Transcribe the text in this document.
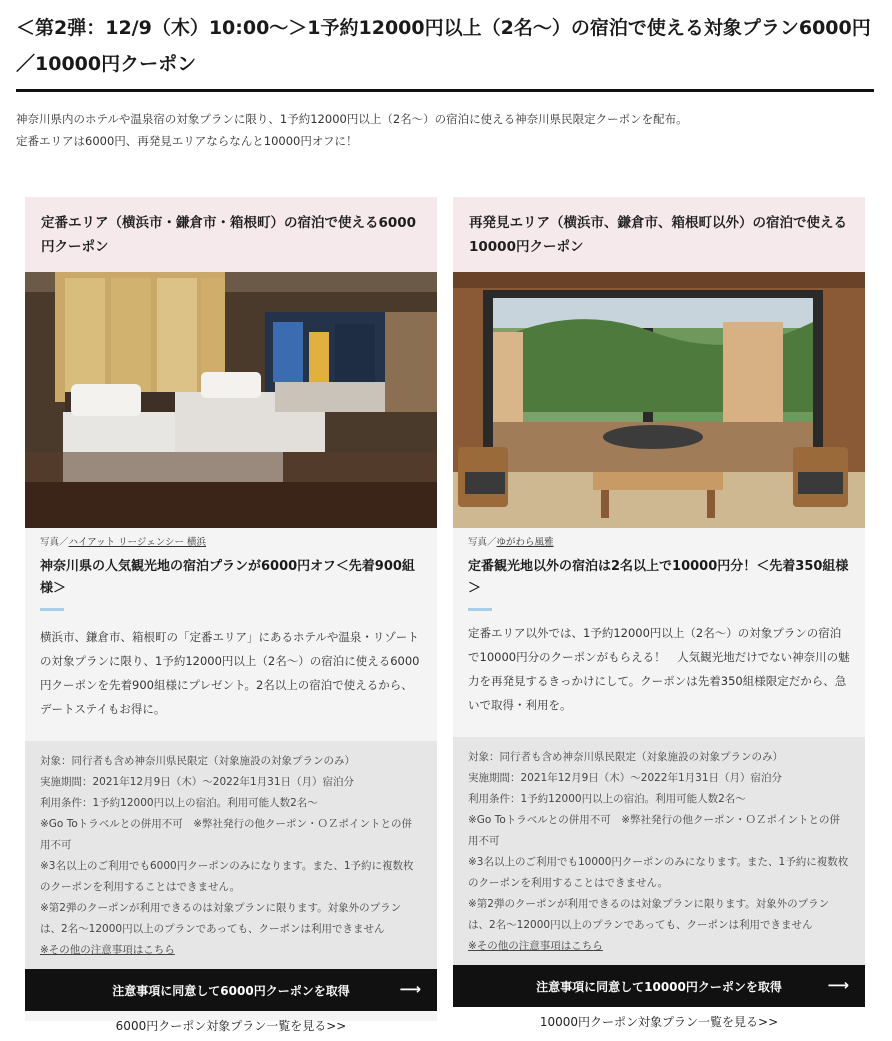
＜第2弾：12/9（木）10:00～＞1予約12000円以上（2名～）の宿泊で使える対象プラン6000円／10000円クーポン

神奈川県内のホテルや温泉宿の対象プランに限り、1予約12000円以上（2名～）の宿泊に使える神奈川県民限定クーポンを配布。定番エリアは6000円、再発見エリアならなんと10000円オフに！

定番エリア（横浜市・鎌倉市・箱根町）の宿泊で使える6000円クーポン
写真／ハイアット リージェンシー 横浜
神奈川県の人気観光地の宿泊プランが6000円オフ＜先着900組様＞

横浜市、鎌倉市、箱根町の「定番エリア」にあるホテルや温泉・リゾートの対象プランに限り、1予約12000円以上（2名～）の宿泊に使える6000円クーポンを先着900組様にプレゼント。2名以上の宿泊で使えるから、デートステイもお得に。

対象：同行者も含め神奈川県民限定（対象施設の対象プランのみ）
実施期間：2021年12月9日（木）～2022年1月31日（月）宿泊分
利用条件：1予約12000円以上の宿泊。利用可能人数2名～
※Go Toトラベルとの併用不可　※弊社発行の他クーポン・ＯＺポイントとの併用不可
※3名以上のご利用でも6000円クーポンのみになります。また、1予約に複数枚のクーポンを利用することはできません。
※第2弾のクーポンが利用できるのは対象プランに限ります。対象外のプランは、2名～12000円以上のプランであっても、クーポンは利用できません
※その他の注意事項はこちら
注意事項に同意して6000円クーポンを取得	⟶
6000円クーポン対象プラン一覧を見る>>
再発見エリア（横浜市、鎌倉市、箱根町以外）の宿泊で使える10000円クーポン
写真／ゆがわら風雅
定番観光地以外の宿泊は2名以上で10000円分！＜先着350組様＞

定番エリア以外では、1予約12000円以上（2名～）の対象プランの宿泊で10000円分のクーポンがもらえる！　人気観光地だけでない神奈川の魅力を再発見するきっかけにして。クーポンは先着350組様限定だから、急いで取得・利用を。

対象：同行者も含め神奈川県民限定（対象施設の対象プランのみ）
実施期間：2021年12月9日（木）～2022年1月31日（月）宿泊分
利用条件：1予約12000円以上の宿泊。利用可能人数2名～
※Go Toトラベルとの併用不可　※弊社発行の他クーポン・ＯＺポイントとの併用不可
※3名以上のご利用でも10000円クーポンのみになります。また、1予約に複数枚のクーポンを利用することはできません。
※第2弾のクーポンが利用できるのは対象プランに限ります。対象外のプランは、2名～12000円以上のプランであっても、クーポンは利用できません
※その他の注意事項はこちら
注意事項に同意して10000円クーポンを取得	⟶
10000円クーポン対象プラン一覧を見る>>
